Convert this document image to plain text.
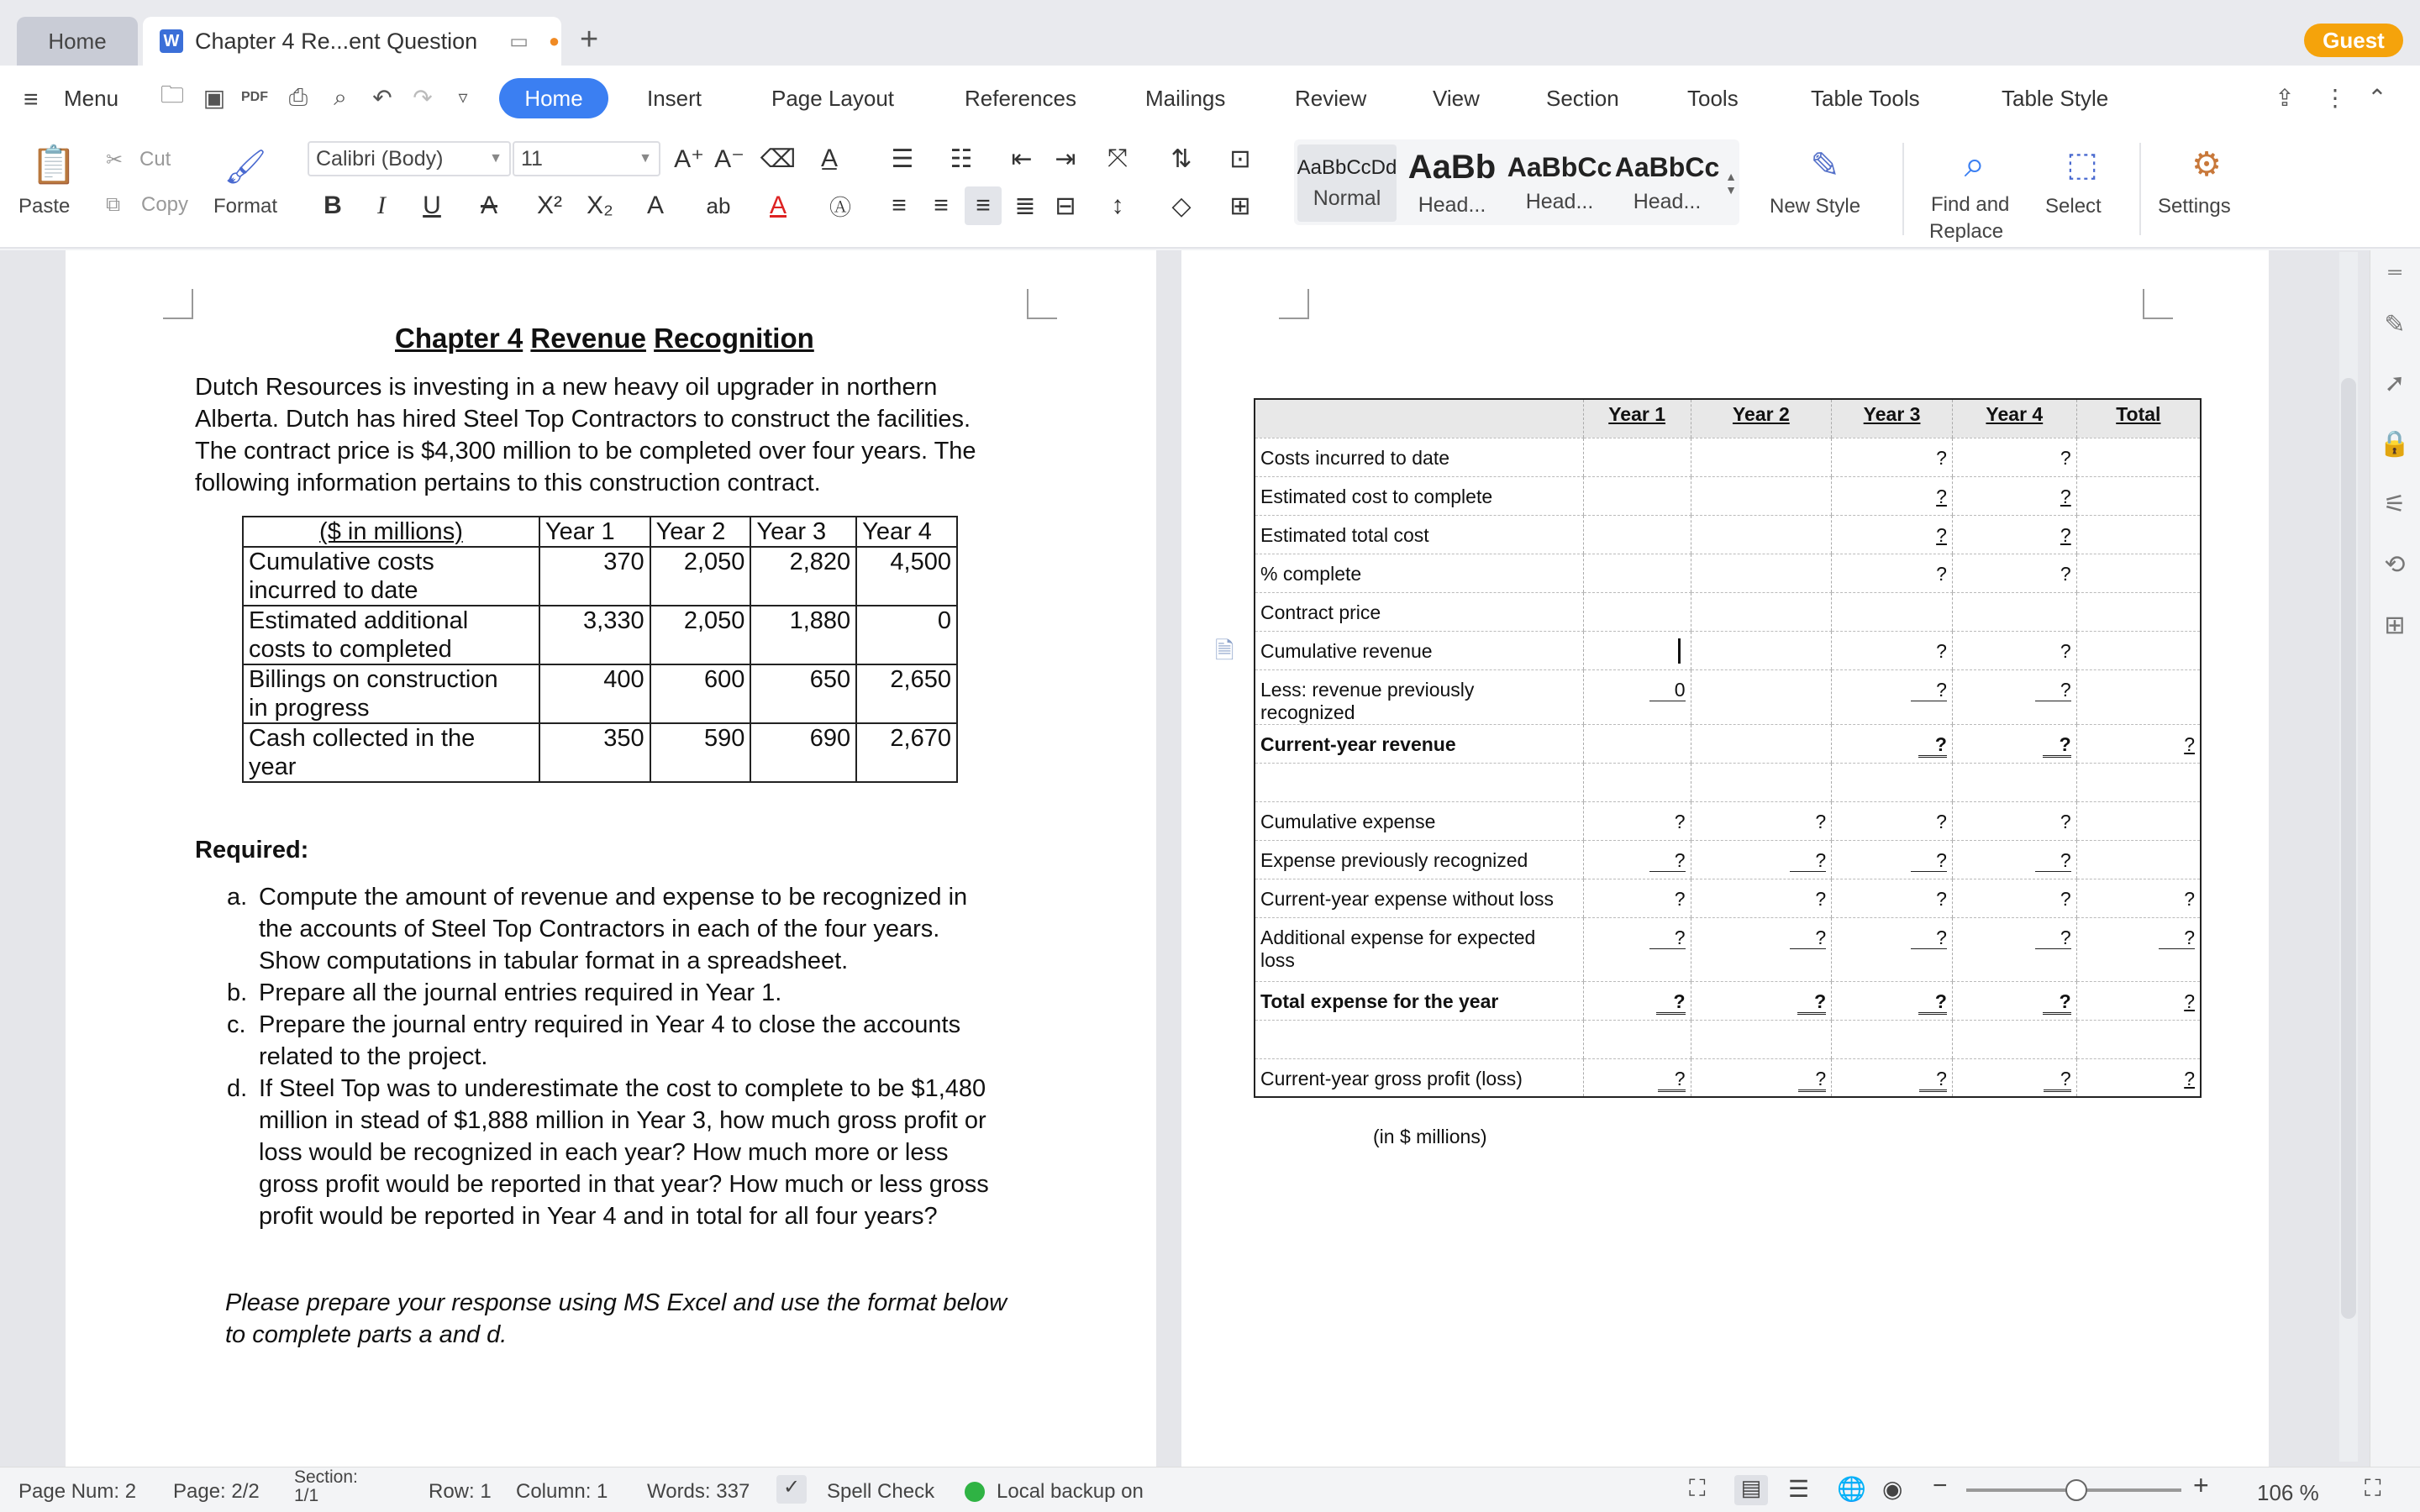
Home	W Chapter 4 Re...ent Question ▭ ● +	Guest
≡ Menu 🗀 ▣ PDF ⎙	⌕	↶ ↷	▿	Home	Insert	Page Layout	References	Mailings	Review	View	Section	Tools	Table Tools	Table Style	⇪ ⋮ ⌃
📋
Paste
✂ Cut
⧉ Copy
🖌
Format
Calibri (Body)	▼ 11	▼ A⁺ A⁻ ⌫ A̲
B	I	U	A	X² X₂	A	ab	A	Ⓐ
☰	☷	⇤ ⇥	⤧	⇅	⊡
≡	≡	≡ ≣ ⊟	↕	◇	⊞
AaBbCcDd
Normal
AaBb
Head...
AaBbCc
Head...
AaBbCc
Head...
▲
▼
✎
New Style
⌕
Find and
Replace
⬚
Select
⚙
Settings
Chapter 4 Revenue Recognition
Dutch Resources is investing in a new heavy oil upgrader in northern
Alberta. Dutch has hired Steel Top Contractors to construct the facilities.
The contract price is $4,300 million to be completed over four years. The
following information pertains to this construction contract.
($ in millions)	Year 1	Year 2	Year 3	Year 4

Cumulative costs
incurred to date	370	2,050	2,820	4,500

Estimated additional
costs to completed	3,330	2,050	1,880	0

Billings on construction
in progress	400	600	650	2,650

Cash collected in the
year	350	590	690	2,670
Required:
a. Compute the amount of revenue and expense to be recognized in
the accounts of Steel Top Contractors in each of the four years.
Show computations in tabular format in a spreadsheet.
b. Prepare all the journal entries required in Year 1.
c. Prepare the journal entry required in Year 4 to close the accounts
related to the project.
d. If Steel Top was to underestimate the cost to complete to be $1,480
million in stead of $1,888 million in Year 3, how much gross profit or
loss would be recognized in each year? How much more or less
gross profit would be reported in that year? How much or less gross
profit would be reported in Year 4 and in total for all four years?
Please prepare your response using MS Excel and use the format below
to complete parts a and d.
🗎
	Year 1	Year 2	Year 3	Year 4	Total
Costs incurred to date			?	?	
Estimated cost to complete			?	?	
Estimated total cost			?	?	
% complete			?	?	
Contract price					
Cumulative revenue			?	?	

Less: revenue previously
recognized	0		?	?	
Current-year revenue			?	?	?

Cumulative expense	?	?	?	?	
Expense previously recognized	?	?	?	?	
Current-year expense without loss	?	?	?	?	?

Additional expense for expected
loss	?	?	?	?	?
Total expense for the year	?	?	?	?	?

Current-year gross profit (loss)	?	?	?	?	?
(in $ millions)
═
✎
➚
🔒
⚟
⟲
⊞
Page Num: 2 Page: 2/2
Section:
1/1	Row: 1 Column: 1 Words: 337	✓	Spell Check	Local backup on	⛶ ▤ ☰ 🌐 ◉ −	+ 106 % ⛶
